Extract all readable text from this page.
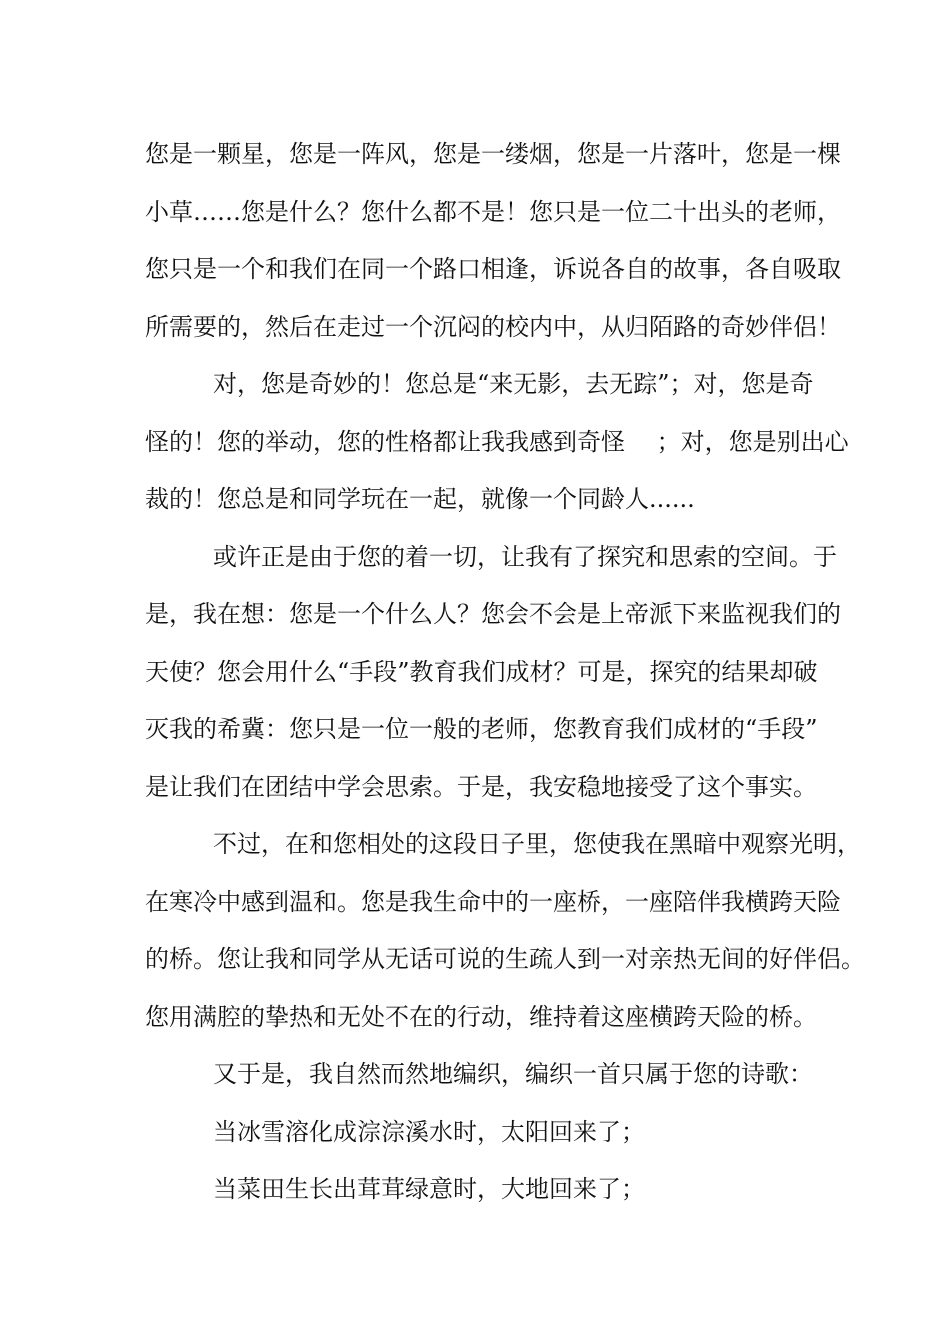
您是一颗星，您是一阵风，您是一缕烟，您是一片落叶，您是一棵
小草……您是什么？您什么都不是！您只是一位二十出头的老师，
您只是一个和我们在同一个路口相逢，诉说各自的故事，各自吸取
所需要的，然后在走过一个沉闷的校内中，从归陌路的奇妙伴侣！
对，您是奇妙的！您总是“来无影，去无踪”；对，您是奇
怪的！您的举动，您的性格都让我我感到奇怪　 ；对，您是别出心
裁的！您总是和同学玩在一起，就像一个同龄人......
或许正是由于您的着一切，让我有了探究和思索的空间。于
是，我在想：您是一个什么人？您会不会是上帝派下来监视我们的
天使？您会用什么“手段”教育我们成材？可是，探究的结果却破
灭我的希冀：您只是一位一般的老师，您教育我们成材的“手段”
是让我们在团结中学会思索。于是，我安稳地接受了这个事实。
不过，在和您相处的这段日子里，您使我在黑暗中观察光明，
在寒冷中感到温和。您是我生命中的一座桥，一座陪伴我横跨天险
的桥。您让我和同学从无话可说的生疏人到一对亲热无间的好伴侣。
您用满腔的挚热和无处不在的行动，维持着这座横跨天险的桥。
又于是，我自然而然地编织，编织一首只属于您的诗歌：
当冰雪溶化成淙淙溪水时，太阳回来了；
当菜田生长出茸茸绿意时，大地回来了；
